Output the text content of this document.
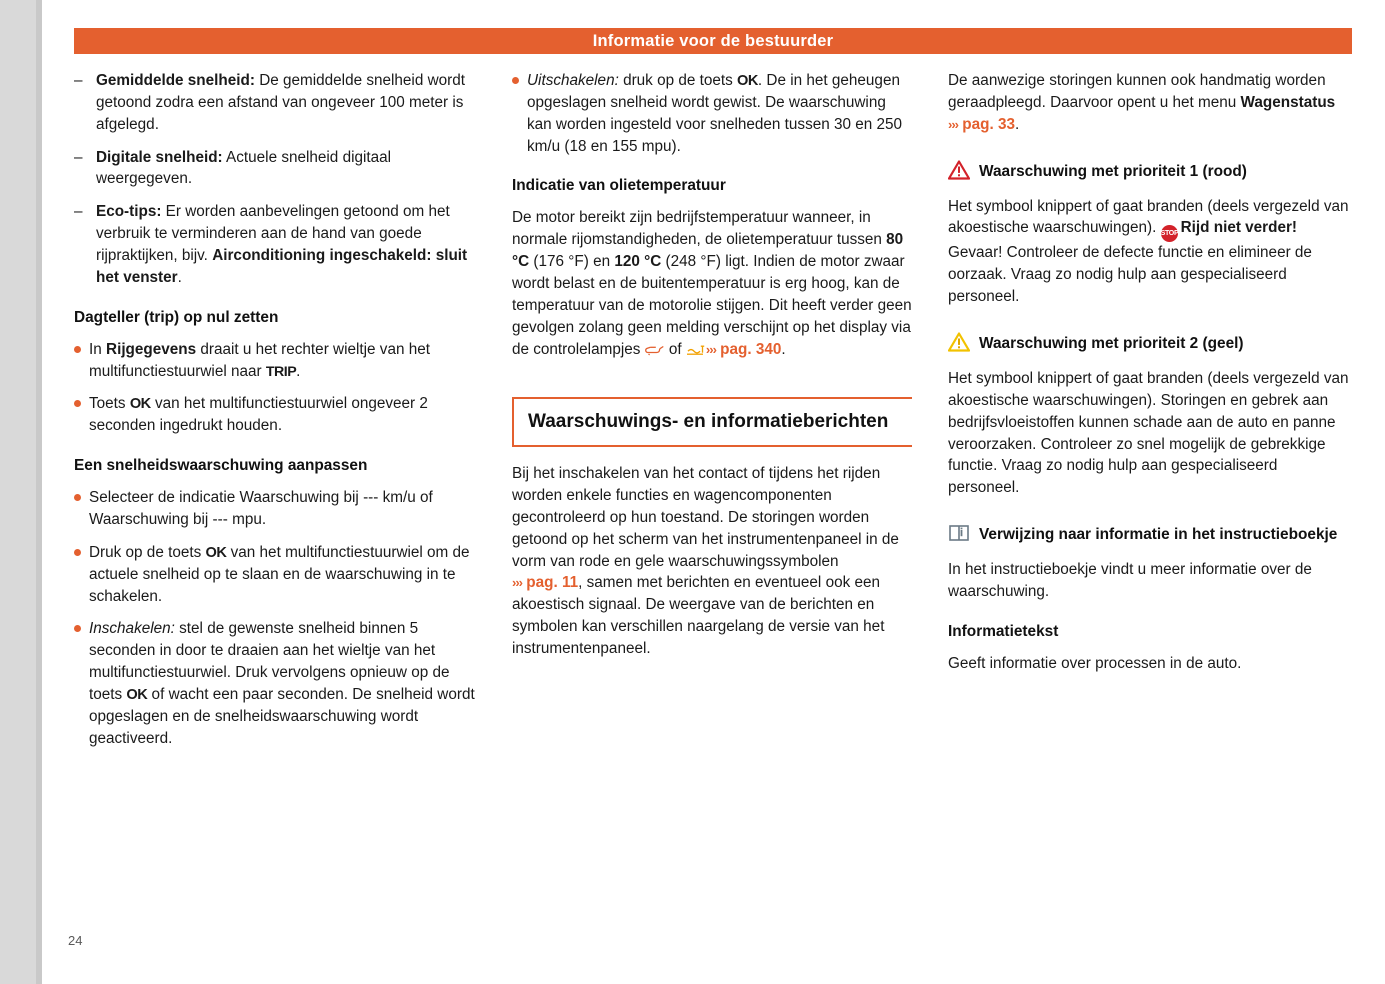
Informatie voor de bestuurder
24
– Gemiddelde snelheid: De gemiddelde snelheid wordt getoond zodra een afstand van ongeveer 100 meter is afgelegd.
– Digitale snelheid: Actuele snelheid digitaal weergegeven.
– Eco-tips: Er worden aanbevelingen getoond om het verbruik te verminderen aan de hand van goede rijpraktijken, bijv. Airconditioning ingeschakeld: sluit het venster.
Dagteller (trip) op nul zetten
In Rijgegevens draait u het rechter wieltje van het multifunctiestuurwiel naar TRIP.
Toets OK van het multifunctiestuurwiel ongeveer 2 seconden ingedrukt houden.
Een snelheidswaarschuwing aanpassen
Selecteer de indicatie Waarschuwing bij --- km/u of Waarschuwing bij --- mpu.
Druk op de toets OK van het multifunctiestuurwiel om de actuele snelheid op te slaan en de waarschuwing in te schakelen.
Inschakelen: stel de gewenste snelheid binnen 5 seconden in door te draaien aan het wieltje van het multifunctiestuurwiel. Druk vervolgens opnieuw op de toets OK of wacht een paar seconden. De snelheid wordt opgeslagen en de snelheidswaarschuwing wordt geactiveerd.
Uitschakelen: druk op de toets OK. De in het geheugen opgeslagen snelheid wordt gewist. De waarschuwing kan worden ingesteld voor snelheden tussen 30 en 250 km/u (18 en 155 mpu).
Indicatie van olietemperatuur

De motor bereikt zijn bedrijfstemperatuur wanneer, in normale rijomstandigheden, de olietemperatuur tussen 80 °C (176 °F) en 120 °C (248 °F) ligt. Indien de motor zwaar wordt belast en de buitentemperatuur is erg hoog, kan de temperatuur van de motorolie stijgen. Dit heeft verder geen gevolgen zolang geen melding verschijnt op het display via de controlelampjes  of ››› pag. 340.

Waarschuwings- en informatieberichten

Bij het inschakelen van het contact of tijdens het rijden worden enkele functies en wagencomponenten gecontroleerd op hun toestand. De storingen worden getoond op het scherm van het instrumentenpaneel in de vorm van rode en gele waarschuwingssymbolen ››› pag. 11, samen met berichten en eventueel ook een akoestisch signaal. De weergave van de berichten en symbolen kan verschillen naargelang de versie van het instrumentenpaneel.

De aanwezige storingen kunnen ook handmatig worden geraadpleegd. Daarvoor opent u het menu Wagenstatus ››› pag. 33.

Waarschuwing met prioriteit 1 (rood)

Het symbool knippert of gaat branden (deels vergezeld van akoestische waarschuwingen). STOP Rijd niet verder! Gevaar! Controleer de defecte functie en elimineer de oorzaak. Vraag zo nodig hulp aan gespecialiseerd personeel.

Waarschuwing met prioriteit 2 (geel)

Het symbool knippert of gaat branden (deels vergezeld van akoestische waarschuwingen). Storingen en gebrek aan bedrijfsvloeistoffen kunnen schade aan de auto en panne veroorzaken. Controleer zo snel mogelijk de gebrekkige functie. Vraag zo nodig hulp aan gespecialiseerd personeel.

Verwijzing naar informatie in het instructieboekje

In het instructieboekje vindt u meer informatie over de waarschuwing.

Informatietekst

Geeft informatie over processen in de auto.
